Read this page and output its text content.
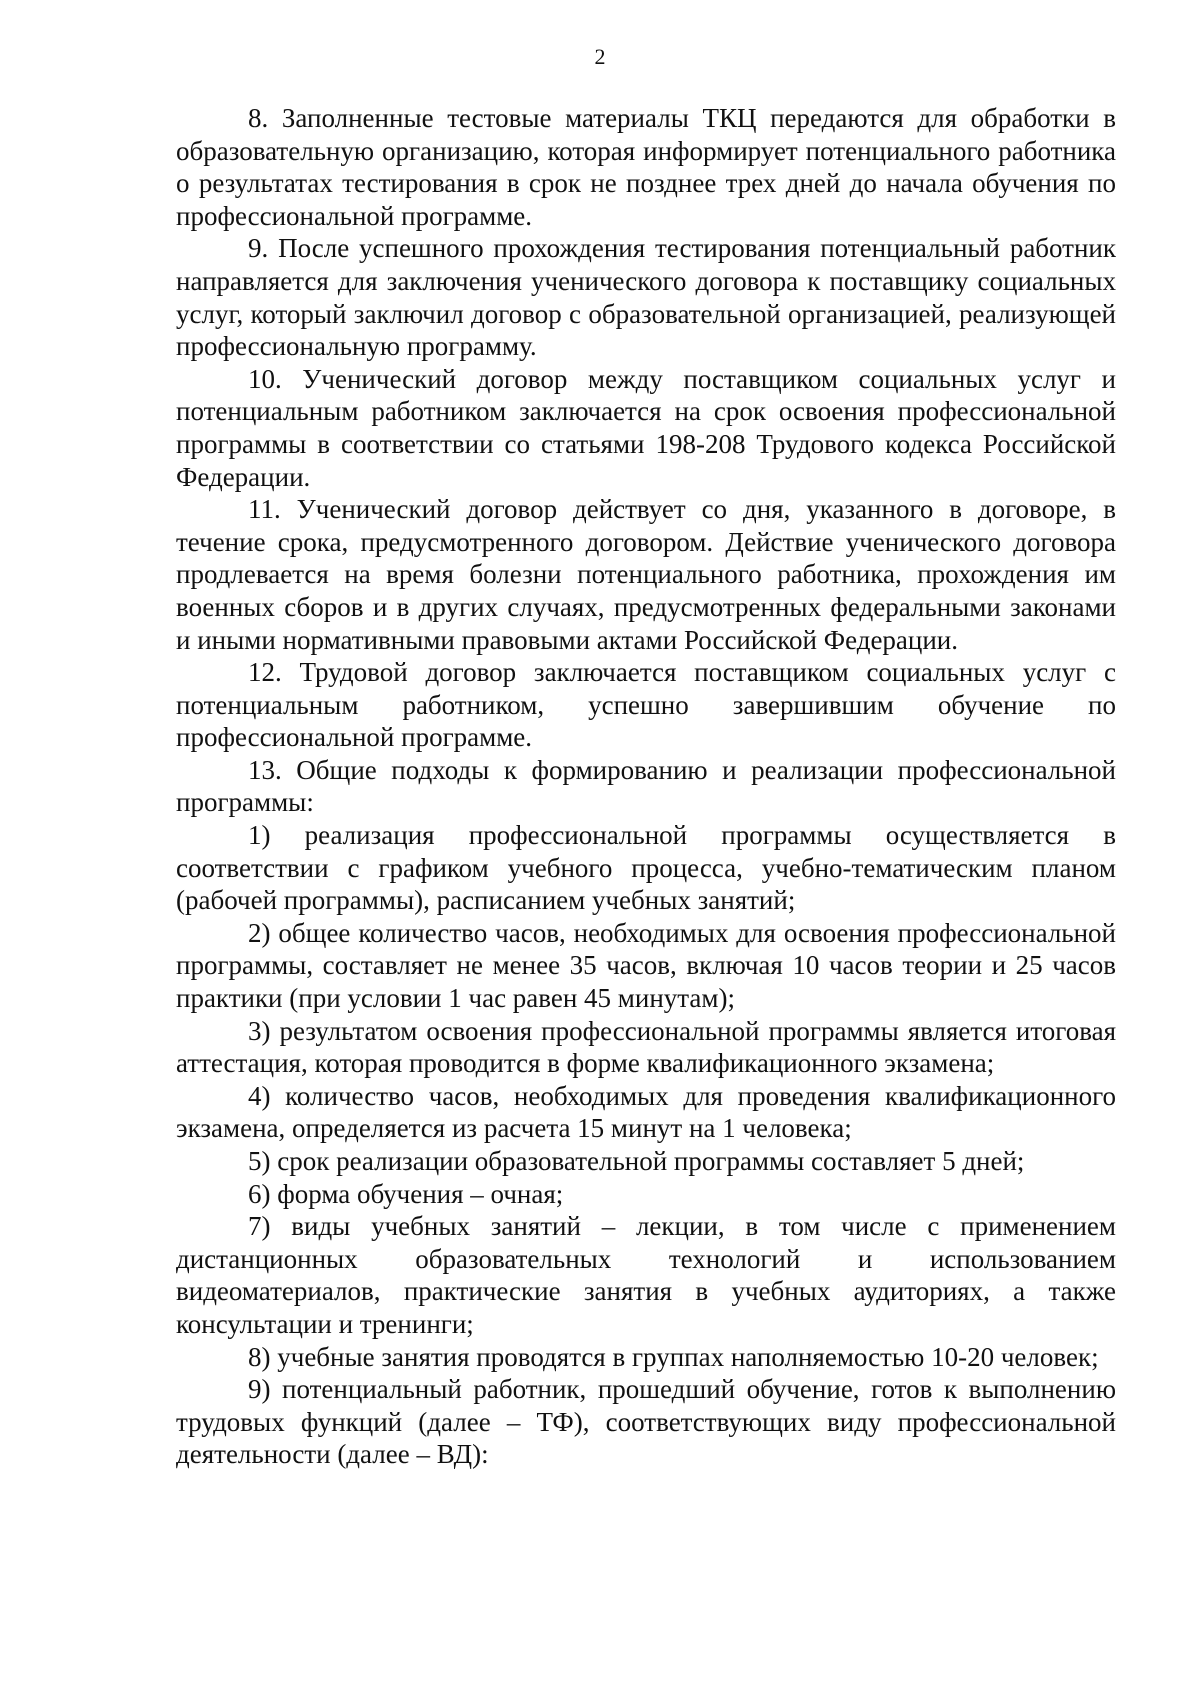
2

8. Заполненные тестовые материалы ТКЦ передаются для обработки в образовательную организацию, которая информирует потенциального работника о результатах тестирования в срок не позднее трех дней до начала обучения по профессиональной программе.

9. После успешного прохождения тестирования потенциальный работник направляется для заключения ученического договора к поставщику социальных услуг, который заключил договор с образовательной организацией, реализующей профессиональную программу.

10. Ученический договор между поставщиком социальных услуг и потенциальным работником заключается на срок освоения профессиональной программы в соответствии со статьями 198-208 Трудового кодекса Российской Федерации.

11. Ученический договор действует со дня, указанного в договоре, в течение срока, предусмотренного договором. Действие ученического договора продлевается на время болезни потенциального работника, прохождения им военных сборов и в других случаях, предусмотренных федеральными законами и иными нормативными правовыми актами Российской Федерации.

12. Трудовой договор заключается поставщиком социальных услуг с потенциальным работником, успешно завершившим обучение по профессиональной программе.

13. Общие подходы к формированию и реализации профессиональной программы:

1) реализация профессиональной программы осуществляется в соответствии с графиком учебного процесса, учебно-тематическим планом (рабочей программы), расписанием учебных занятий;

2) общее количество часов, необходимых для освоения профессиональной программы, составляет не менее 35 часов, включая 10 часов теории и 25 часов практики (при условии 1 час равен 45 минутам);

3) результатом освоения профессиональной программы является итоговая аттестация, которая проводится в форме квалификационного экзамена;

4) количество часов, необходимых для проведения квалификационного экзамена, определяется из расчета 15 минут на 1 человека;

5) срок реализации образовательной программы составляет 5 дней;

6) форма обучения – очная;

7) виды учебных занятий – лекции, в том числе с применением дистанционных образовательных технологий и использованием видеоматериалов, практические занятия в учебных аудиториях, а также консультации и тренинги;

8) учебные занятия проводятся в группах наполняемостью 10-20 человек;

9) потенциальный работник, прошедший обучение, готов к выполнению трудовых функций (далее – ТФ), соответствующих виду профессиональной деятельности (далее – ВД):
